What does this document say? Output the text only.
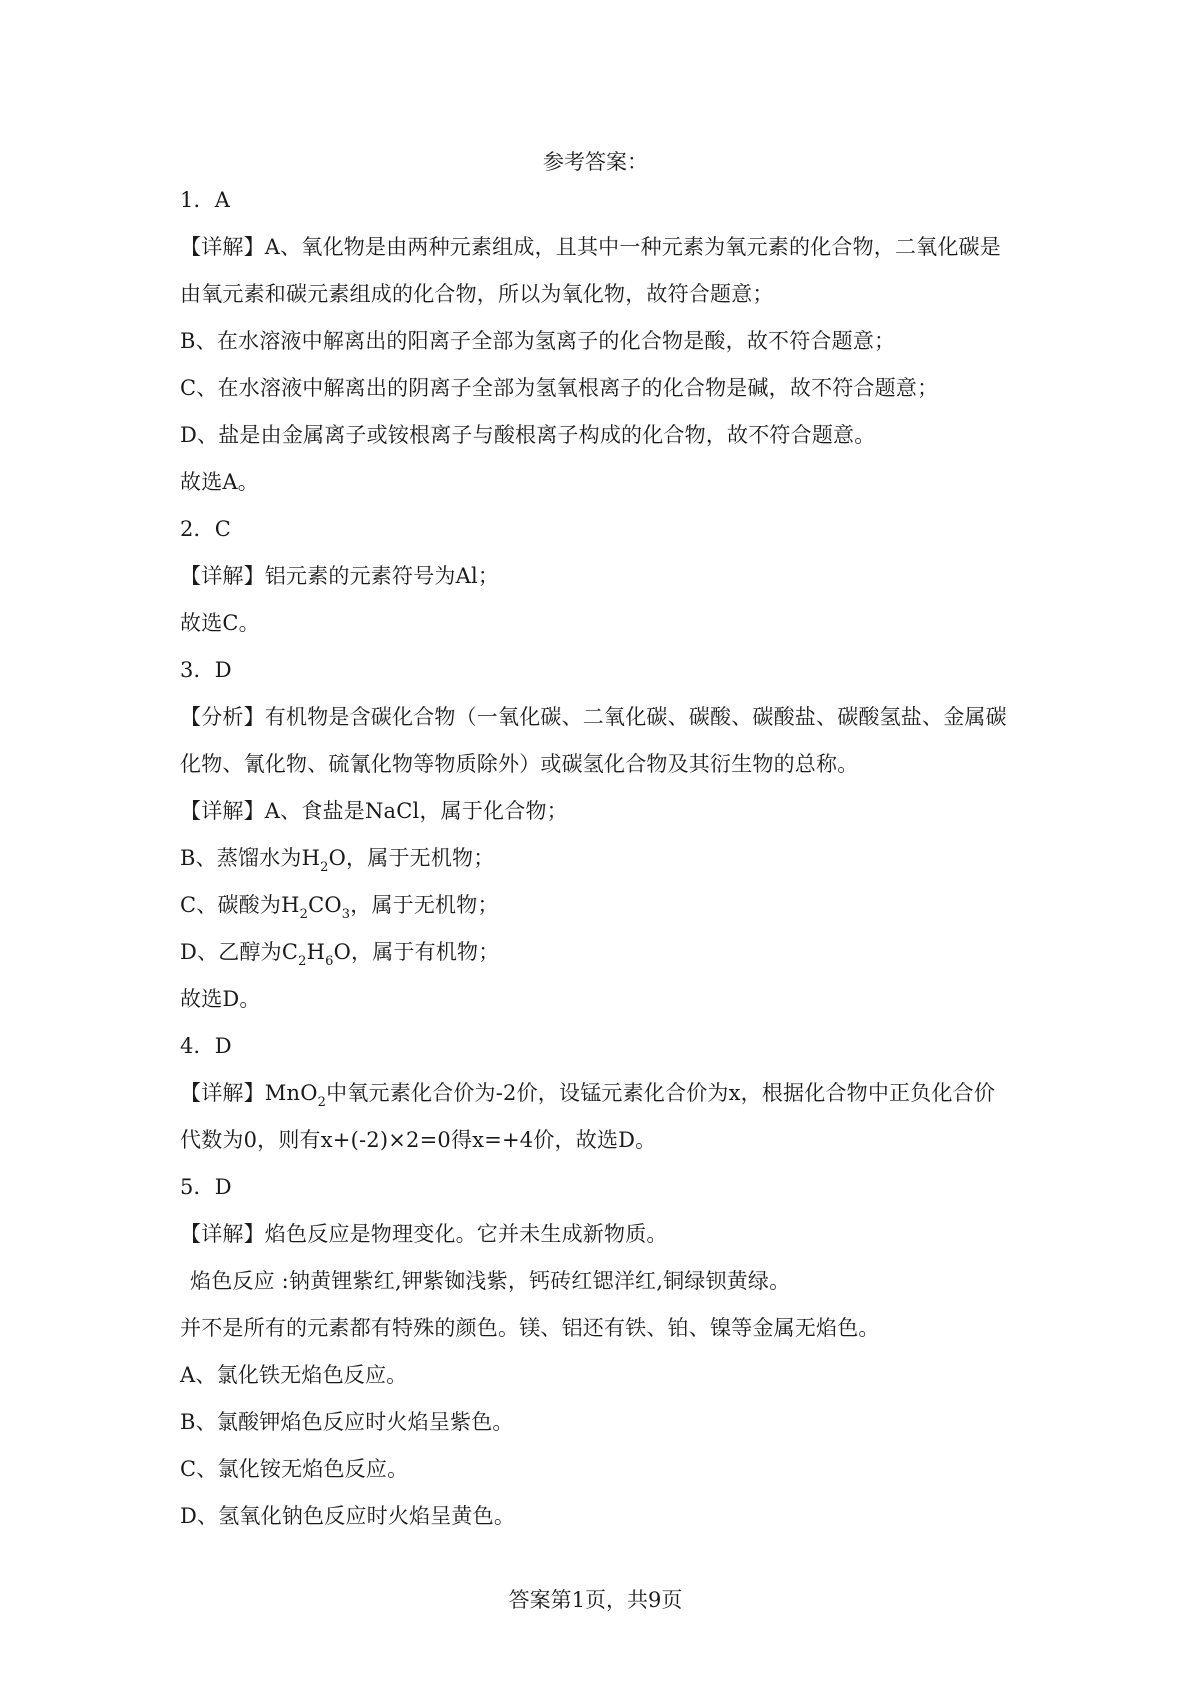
参考答案：
1．A
【详解】A、氧化物是由两种元素组成，且其中一种元素为氧元素的化合物，二氧化碳是
由氧元素和碳元素组成的化合物，所以为氧化物，故符合题意；
B、在水溶液中解离出的阳离子全部为氢离子的化合物是酸，故不符合题意；
C、在水溶液中解离出的阴离子全部为氢氧根离子的化合物是碱，故不符合题意；
D、盐是由金属离子或铵根离子与酸根离子构成的化合物，故不符合题意。
故选A。
2．C
【详解】铝元素的元素符号为Al；
故选C。
3．D
【分析】有机物是含碳化合物（一氧化碳、二氧化碳、碳酸、碳酸盐、碳酸氢盐、金属碳
化物、氰化物、硫氰化物等物质除外）或碳氢化合物及其衍生物的总称。
【详解】A、食盐是NaCl，属于化合物；
B、蒸馏水为$H_2O$，属于无机物；
C、碳酸为$H_2CO_3$，属于无机物；
D、乙醇为$C_2H_6O$，属于有机物；
故选D。
4．D
【详解】MnO$_2$中氧元素化合价为-2价，设锰元素化合价为x，根据化合物中正负化合价
代数为0，则有x+(-2)×2=0得x=+4价，故选D。
5．D
【详解】焰色反应是物理变化。它并未生成新物质。
焰色反应 :钠黄锂紫红,钾紫铷浅紫，钙砖红锶洋红,铜绿钡黄绿。
并不是所有的元素都有特殊的颜色。镁、铝还有铁、铂、镍等金属无焰色。
A、氯化铁无焰色反应。
B、氯酸钾焰色反应时火焰呈紫色。
C、氯化铵无焰色反应。
D、氢氧化钠色反应时火焰呈黄色。
答案第1页，共9页
